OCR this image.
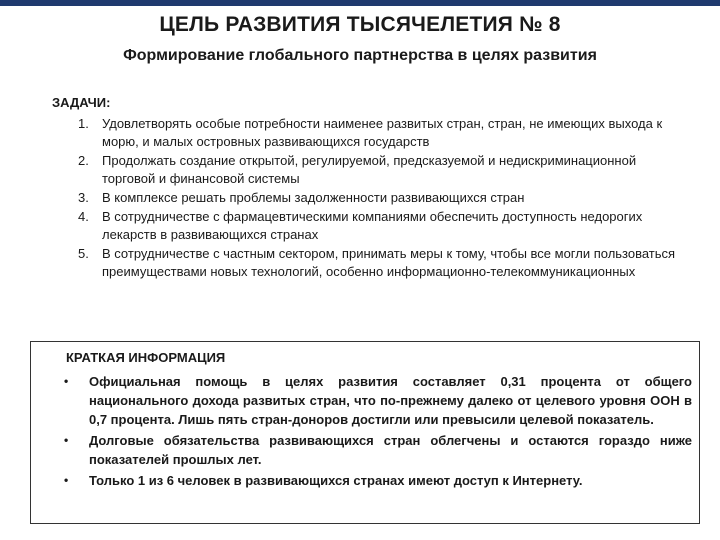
ЦЕЛЬ РАЗВИТИЯ ТЫСЯЧЕЛЕТИЯ № 8
Формирование глобального партнерства в целях развития
ЗАДАЧИ:
1. Удовлетворять особые потребности наименее развитых стран, стран, не имеющих выхода к морю, и малых островных развивающихся государств
2. Продолжать создание открытой, регулируемой, предсказуемой и недискриминационной торговой и финансовой системы
3. В комплексе решать проблемы задолженности развивающихся стран
4. В сотрудничестве с фармацевтическими компаниями обеспечить доступность недорогих лекарств в развивающихся странах
5. В сотрудничестве с частным сектором, принимать меры к тому, чтобы все могли пользоваться преимуществами новых технологий, особенно информационно-телекоммуникационных
КРАТКАЯ ИНФОРМАЦИЯ
• Официальная помощь в целях развития составляет 0,31 процента от общего национального дохода развитых стран, что по-прежнему далеко от целевого уровня ООН в 0,7 процента. Лишь пять стран-доноров достигли или превысили целевой показатель.
• Долговые обязательства развивающихся стран облегчены и остаются гораздо ниже показателей прошлых лет.
• Только 1 из 6 человек в развивающихся странах имеют доступ к Интернету.
